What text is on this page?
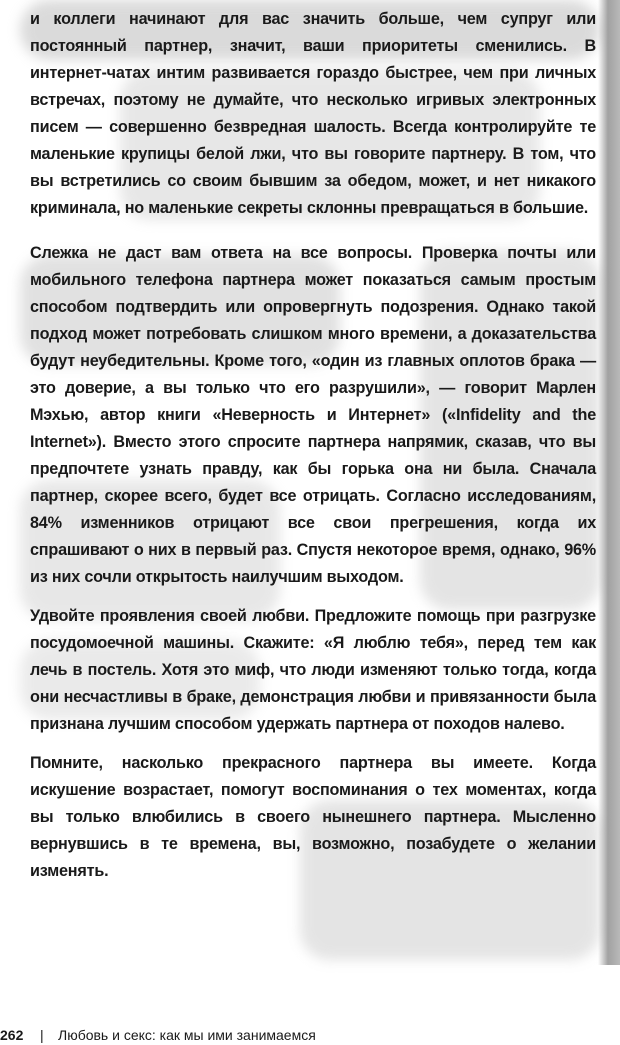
и коллеги начинают для вас значить больше, чем супруг или постоянный партнер, значит, ваши приоритеты сменились. В интернет-чатах интим развивается гораздо быстрее, чем при личных встречах, поэтому не думайте, что несколько игривых электронных писем — совершенно безвредная шалость. Всегда контролируйте те маленькие крупицы белой лжи, что вы говорите партнеру. В том, что вы встретились со своим бывшим за обедом, может, и нет никакого криминала, но маленькие секреты склонны превращаться в большие.

Слежка не даст вам ответа на все вопросы. Проверка почты или мобильного телефона партнера может показаться самым простым способом подтвердить или опровергнуть подозрения. Однако такой подход может потребовать слишком много времени, а доказательства будут неубедительны. Кроме того, «один из главных оплотов брака — это доверие, а вы только что его разрушили», — говорит Марлен Мэхью, автор книги «Неверность и Интернет» («Infidelity and the Internet»). Вместо этого спросите партнера напрямик, сказав, что вы предпочтете узнать правду, как бы горька она ни была. Сначала партнер, скорее всего, будет все отрицать. Согласно исследованиям, 84% изменников отрицают все свои прегрешения, когда их спрашивают о них в первый раз. Спустя некоторое время, однако, 96% из них сочли открытость наилучшим выходом.

Удвойте проявления своей любви. Предложите помощь при разгрузке посудомоечной машины. Скажите: «Я люблю тебя», перед тем как лечь в постель. Хотя это миф, что люди изменяют только тогда, когда они несчастливы в браке, демонстрация любви и привязанности была признана лучшим способом удержать партнера от походов налево.

Помните, насколько прекрасного партнера вы имеете. Когда искушение возрастает, помогут воспоминания о тех моментах, когда вы только влюбились в своего нынешнего партнера. Мысленно вернувшись в те времена, вы, возможно, позабудете о желании изменять.

262 | Любовь и секс: как мы ими занимаемся
